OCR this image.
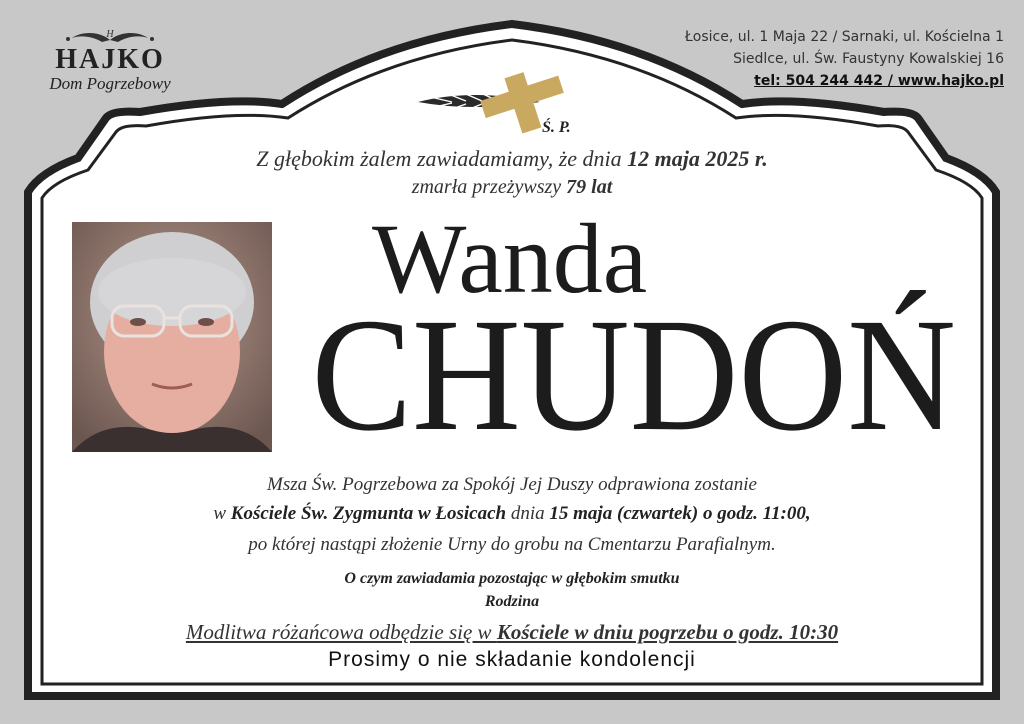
H
HAJKO
Dom Pogrzebowy
Łosice, ul. 1 Maja 22 / Sarnaki, ul. Kościelna 1
Siedlce, ul. Św. Faustyny Kowalskiej 16
tel: 504 244 442 / www.hajko.pl
Ś. P.
Z głębokim żalem zawiadamiamy, że dnia 12 maja 2025 r.
zmarła przeżywszy 79 lat
Wanda
CHUDOŃ
Msza Św. Pogrzebowa za Spokój Jej Duszy odprawiona zostanie
w Kościele Św. Zygmunta w Łosicach dnia 15 maja (czwartek) o godz. 11:00,
po której nastąpi złożenie Urny do grobu na Cmentarzu Parafialnym.
O czym zawiadamia pozostając w głębokim smutku
Rodzina
Modlitwa różańcowa odbędzie się w Kościele w dniu pogrzebu o godz. 10:30
Prosimy o nie składanie kondolencji
